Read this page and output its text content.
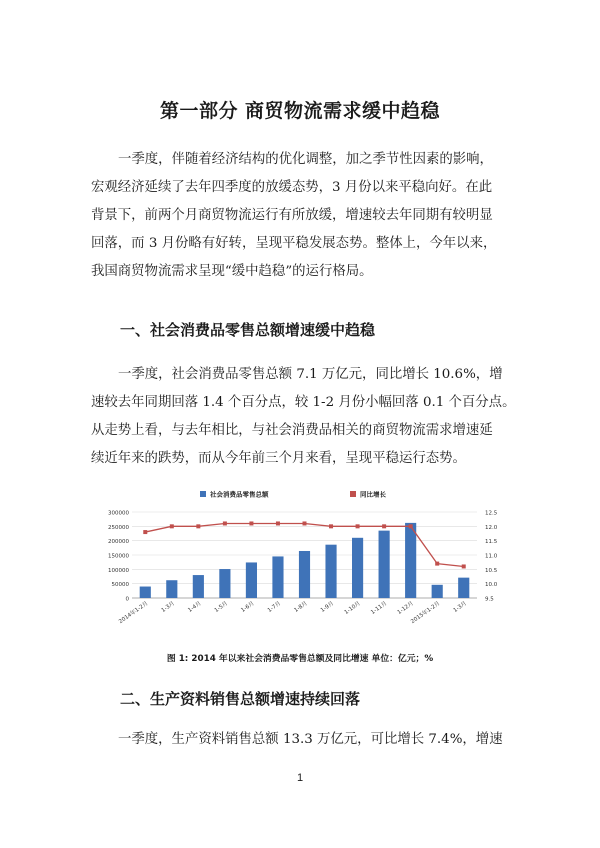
第一部分 商贸物流需求缓中趋稳
一季度，伴随着经济结构的优化调整，加之季节性因素的影响，
宏观经济延续了去年四季度的放缓态势，3 月份以来平稳向好。在此
背景下，前两个月商贸物流运行有所放缓，增速较去年同期有较明显
回落，而 3 月份略有好转，呈现平稳发展态势。整体上，今年以来，
我国商贸物流需求呈现“缓中趋稳”的运行格局。
一、社会消费品零售总额增速缓中趋稳
一季度，社会消费品零售总额 7.1 万亿元，同比增长 10.6%，增
速较去年同期回落 1.4 个百分点，较 1-2 月份小幅回落 0.1 个百分点。
从走势上看，与去年相比，与社会消费品相关的商贸物流需求增速延
续近年来的跌势，而从今年前三个月来看，呈现平稳运行态势。
300000
250000
200000
150000
100000
50000
0
12.5
12.0
11.5
11.0
10.5
10.0
9.5
2014年1-2月 1-3月 1-4月 1-5月 1-6月 1-7月 1-8月 1-9月 1-10月 1-11月 1-12月
2015年1-2月 1-3月
社会消费品零售总额	同比增长
图 1: 2014 年以来社会消费品零售总额及同比增速 单位：亿元；%
二、生产资料销售总额增速持续回落
一季度，生产资料销售总额 13.3 万亿元，可比增长 7.4%，增速
1
